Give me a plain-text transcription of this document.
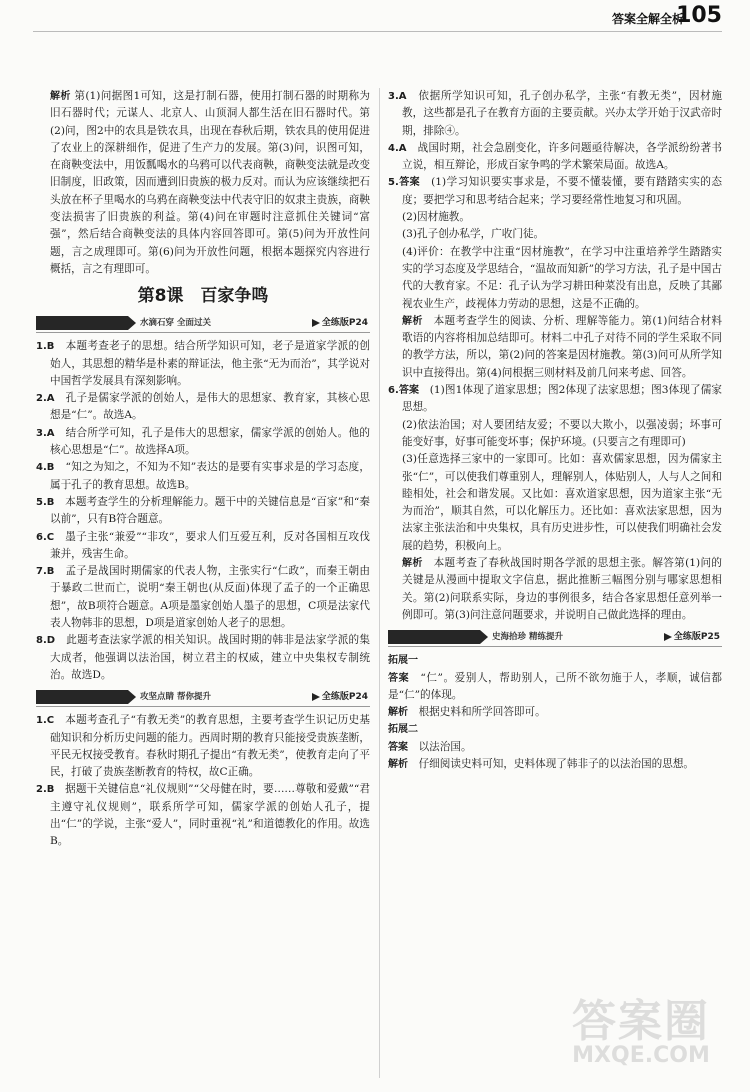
答案全解全析
105

解析 第(1)问据图1可知，这是打制石器，使用打制石器的时期称为旧石器时代；元谋人、北京人、山顶洞人都生活在旧石器时代。第(2)问，图2中的农具是铁农具，出现在春秋后期，铁农具的使用促进了农业上的深耕细作，促进了生产力的发展。第(3)问，识图可知，在商鞅变法中，用饭瓢喝水的乌鸦可以代表商鞅，商鞅变法就是改变旧制度，旧政策，因而遭到旧贵族的极力反对。而认为应该继续把石头放在杯子里喝水的乌鸦在商鞅变法中代表守旧的奴隶主贵族，商鞅变法损害了旧贵族的利益。第(4)问在审题时注意抓住关键词“富强”，然后结合商鞅变法的具体内容回答即可。第(5)问为开放性问题，言之成理即可。第(6)问为开放性问题，根据本题探究内容进行概括，言之有理即可。

第8课　百家争鸣
水滴石穿 全面过关	全练版P24

1.B　 本题考查老子的思想。结合所学知识可知，老子是道家学派的创始人，其思想的精华是朴素的辩证法，他主张“无为而治”，其学说对中国哲学发展具有深刻影响。

2.A　 孔子是儒家学派的创始人，是伟大的思想家、教育家，其核心思想是“仁”。故选A。

3.A　 结合所学可知，孔子是伟大的思想家，儒家学派的创始人。他的核心思想是“仁”。故选择A项。

4.B　 “知之为知之，不知为不知”表达的是要有实事求是的学习态度，属于孔子的教育思想。故选B。

5.B　 本题考查学生的分析理解能力。题干中的关键信息是“百家”和“秦以前”，只有B符合题意。

6.C　 墨子主张“兼爱”“非攻”，要求人们互爱互利，反对各国相互攻伐兼并，残害生命。

7.B　 孟子是战国时期儒家的代表人物，主张实行“仁政”，而秦王朝由于暴政二世而亡，说明“秦王朝也(从反面)体现了孟子的一个正确思想”，故B项符合题意。A项是墨家创始人墨子的思想，C项是法家代表人物韩非的思想，D项是道家创始人老子的思想。

8.D　 此题考查法家学派的相关知识。战国时期的韩非是法家学派的集大成者，他强调以法治国，树立君主的权威，建立中央集权专制统治。故选D。

攻坚点睛 帮你提升	全练版P24

1.C　 本题考查孔子“有教无类”的教育思想，主要考查学生识记历史基础知识和分析历史问题的能力。西周时期的教育只能接受贵族垄断，平民无权接受教育。春秋时期孔子提出“有教无类”，使教育走向了平民，打破了贵族垄断教育的特权，故C正确。

2.B　 据题干关键信息“礼仪规则”“父母健在时，要……尊敬和爱戴”“君主遵守礼仪规则”，联系所学可知，儒家学派的创始人孔子，提出“仁”的学说，主张“爱人”，同时重视“礼”和道德教化的作用。故选B。

3.A　 依据所学知识可知，孔子创办私学，主张“有教无类”，因材施教，这些都是孔子在教育方面的主要贡献。兴办太学开始于汉武帝时期，排除④。

4.A　 战国时期，社会急剧变化，许多问题亟待解决，各学派纷纷著书立说，相互辩论，形成百家争鸣的学术繁荣局面。故选A。

5.答案　 (1)学习知识要实事求是，不要不懂装懂，要有踏踏实实的态度；要把学习和思考结合起来；学习要经常性地复习和巩固。

(2)因材施教。

(3)孔子创办私学，广收门徒。

(4)评价：在教学中注重“因材施教”，在学习中注重培养学生踏踏实实的学习态度及学思结合，“温故而知新”的学习方法，孔子是中国古代的大教育家。不足：孔子认为学习耕田种菜没有出息，反映了其鄙视农业生产，歧视体力劳动的思想，这是不正确的。

解析　 本题考查学生的阅读、分析、理解等能力。第(1)问结合材料歌语的内容将相加总结即可。材料二中孔子对待不同的学生采取不同的教学方法，所以，第(2)问的答案是因材施教。第(3)问可从所学知识中直接得出。第(4)问根据三则材料及前几问来考虑、回答。

6.答案　 (1)图1体现了道家思想；图2体现了法家思想；图3体现了儒家思想。

(2)依法治国；对人要团结友爱；不要以大欺小，以强凌弱；坏事可能变好事，好事可能变坏事；保护环境。(只要言之有理即可)

(3)任意选择三家中的一家即可。比如：喜欢儒家思想，因为儒家主张“仁”，可以使我们尊重别人，理解别人，体贴别人，人与人之间和睦相处，社会和谐发展。又比如：喜欢道家思想，因为道家主张“无为而治”，顺其自然，可以化解压力。还比如：喜欢法家思想，因为法家主张法治和中央集权，具有历史进步性，可以使我们明确社会发展的趋势，积极向上。

解析　 本题考查了春秋战国时期各学派的思想主张。解答第(1)问的关键是从漫画中提取文字信息，据此推断三幅图分别与哪家思想相关。第(2)问联系实际，身边的事例很多，结合各家思想任意列举一例即可。第(3)问注意问题要求，并说明自己做此选择的理由。

史海拾珍 精练提升	全练版P25

拓展一

答案　 “仁”。爱别人，帮助别人，己所不欲勿施于人，孝顺，诚信都是“仁”的体现。

解析　 根据史料和所学回答即可。

拓展二

答案　 以法治国。

解析　 仔细阅读史料可知，史料体现了韩非子的以法治国的思想。

答案圈
MXQE.COM
